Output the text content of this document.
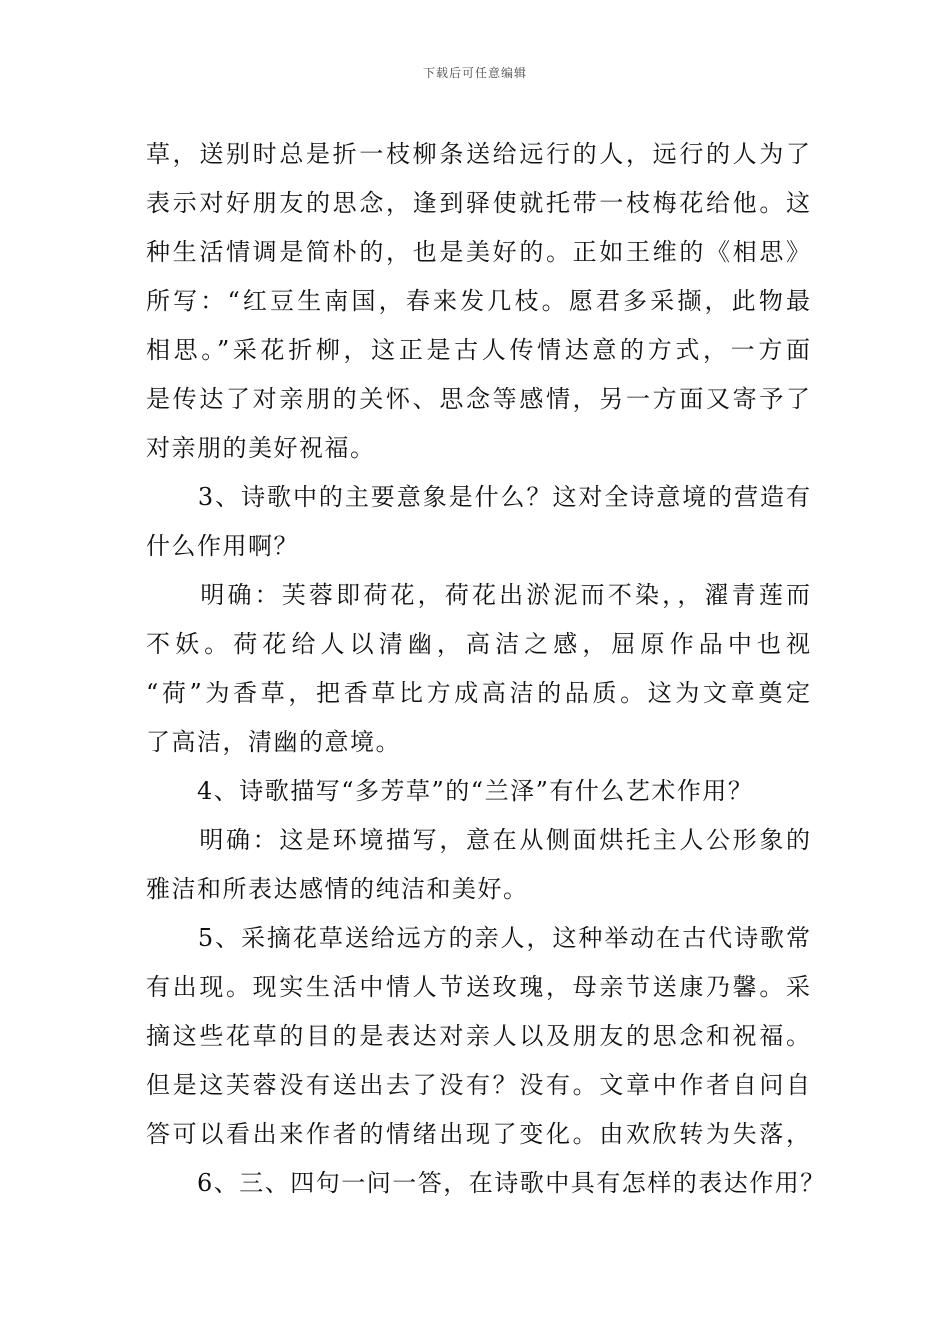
下载后可任意编辑
草，送别时总是折一枝柳条送给远行的人，远行的人为了
表示对好朋友的思念，逢到驿使就托带一枝梅花给他。这
种生活情调是简朴的，也是美好的。正如王维的《相思》
所写：“红豆生南国，春来发几枝。愿君多采撷，此物最
相思。”采花折柳，这正是古人传情达意的方式，一方面
是传达了对亲朋的关怀、思念等感情，另一方面又寄予了
对亲朋的美好祝福。
　　3、诗歌中的主要意象是什么？这对全诗意境的营造有
什么作用啊？
　　明确：芙蓉即荷花，荷花出淤泥而不染，，濯青莲而
不妖。荷花给人以清幽，高洁之感，屈原作品中也视
“荷”为香草，把香草比方成高洁的品质。这为文章奠定
了高洁，清幽的意境。
　　4、诗歌描写“多芳草”的“兰泽”有什么艺术作用？
　　明确：这是环境描写，意在从侧面烘托主人公形象的
雅洁和所表达感情的纯洁和美好。
　　5、采摘花草送给远方的亲人，这种举动在古代诗歌常
有出现。现实生活中情人节送玫瑰，母亲节送康乃馨。采
摘这些花草的目的是表达对亲人以及朋友的思念和祝福。
但是这芙蓉没有送出去了没有？没有。文章中作者自问自
答可以看出来作者的情绪出现了变化。由欢欣转为失落，
　　6、三、四句一问一答，在诗歌中具有怎样的表达作用？
